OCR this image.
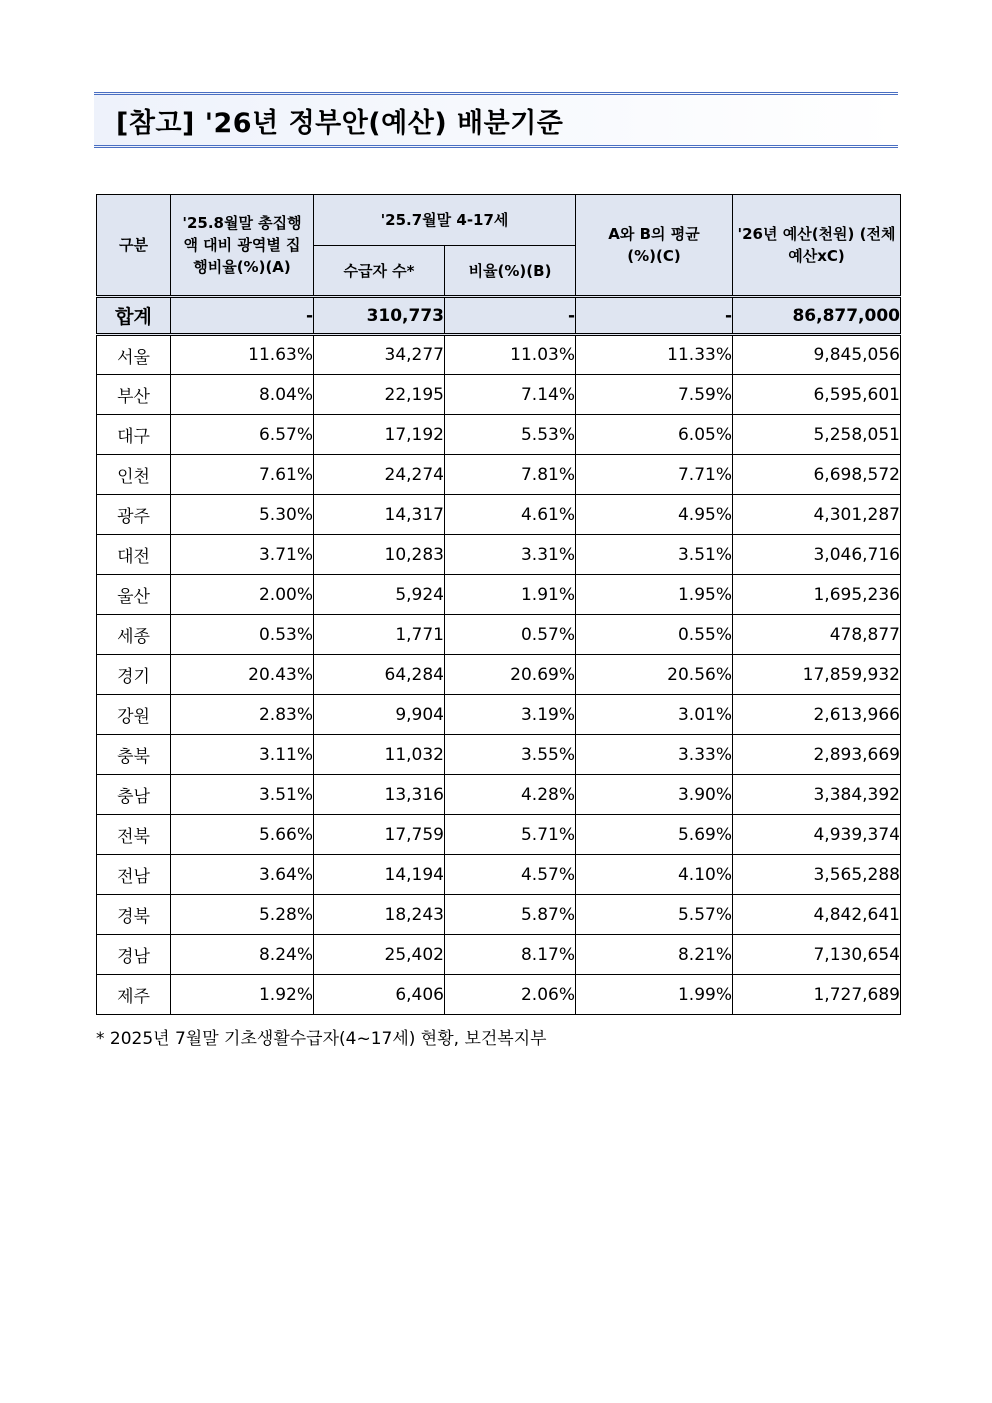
[참고] '26년 정부안(예산) 배분기준
구분	'25.8월말 총집행액 대비 광역별 집행비율(%)(A)	'25.7월말 4-17세		A와 B의 평균(%)(C)	'26년 예산(천원) (전체예산xC)
		수급자 수*	비율(%)(B)		
합계	-	310,773	-	-	86,877,000
서울	11.63%	34,277	11.03%	11.33%	9,845,056
부산	8.04%	22,195	7.14%	7.59%	6,595,601
대구	6.57%	17,192	5.53%	6.05%	5,258,051
인천	7.61%	24,274	7.81%	7.71%	6,698,572
광주	5.30%	14,317	4.61%	4.95%	4,301,287
대전	3.71%	10,283	3.31%	3.51%	3,046,716
울산	2.00%	5,924	1.91%	1.95%	1,695,236
세종	0.53%	1,771	0.57%	0.55%	478,877
경기	20.43%	64,284	20.69%	20.56%	17,859,932
강원	2.83%	9,904	3.19%	3.01%	2,613,966
충북	3.11%	11,032	3.55%	3.33%	2,893,669
충남	3.51%	13,316	4.28%	3.90%	3,384,392
전북	5.66%	17,759	5.71%	5.69%	4,939,374
전남	3.64%	14,194	4.57%	4.10%	3,565,288
경북	5.28%	18,243	5.87%	5.57%	4,842,641
경남	8.24%	25,402	8.17%	8.21%	7,130,654
제주	1.92%	6,406	2.06%	1.99%	1,727,689
* 2025년 7월말 기초생활수급자(4~17세) 현황, 보건복지부
